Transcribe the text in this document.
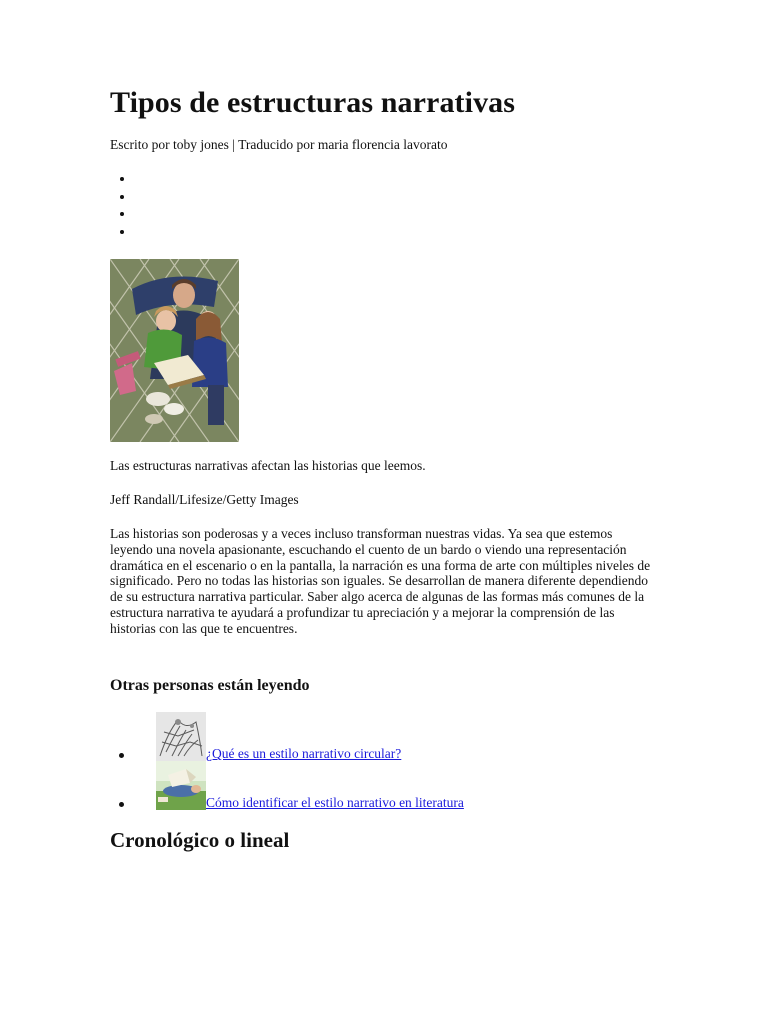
Tipos de estructuras narrativas

Escrito por toby jones | Traducido por maria florencia lavorato

Las estructuras narrativas afectan las historias que leemos.

Jeff Randall/Lifesize/Getty Images

Las historias son poderosas y a veces incluso transforman nuestras vidas. Ya sea que estemos leyendo una novela apasionante, escuchando el cuento de un bardo o viendo una representación dramática en el escenario o en la pantalla, la narración es una forma de arte con múltiples niveles de significado. Pero no todas las historias son iguales. Se desarrollan de manera diferente dependiendo de su estructura narrativa particular. Saber algo acerca de algunas de las formas más comunes de la estructura narrativa te ayudará a profundizar tu apreciación y a mejorar la comprensión de las historias con las que te encuentres.

Otras personas están leyendo
¿Qué es un estilo narrativo circular?
Cómo identificar el estilo narrativo en literatura
Cronológico o lineal
